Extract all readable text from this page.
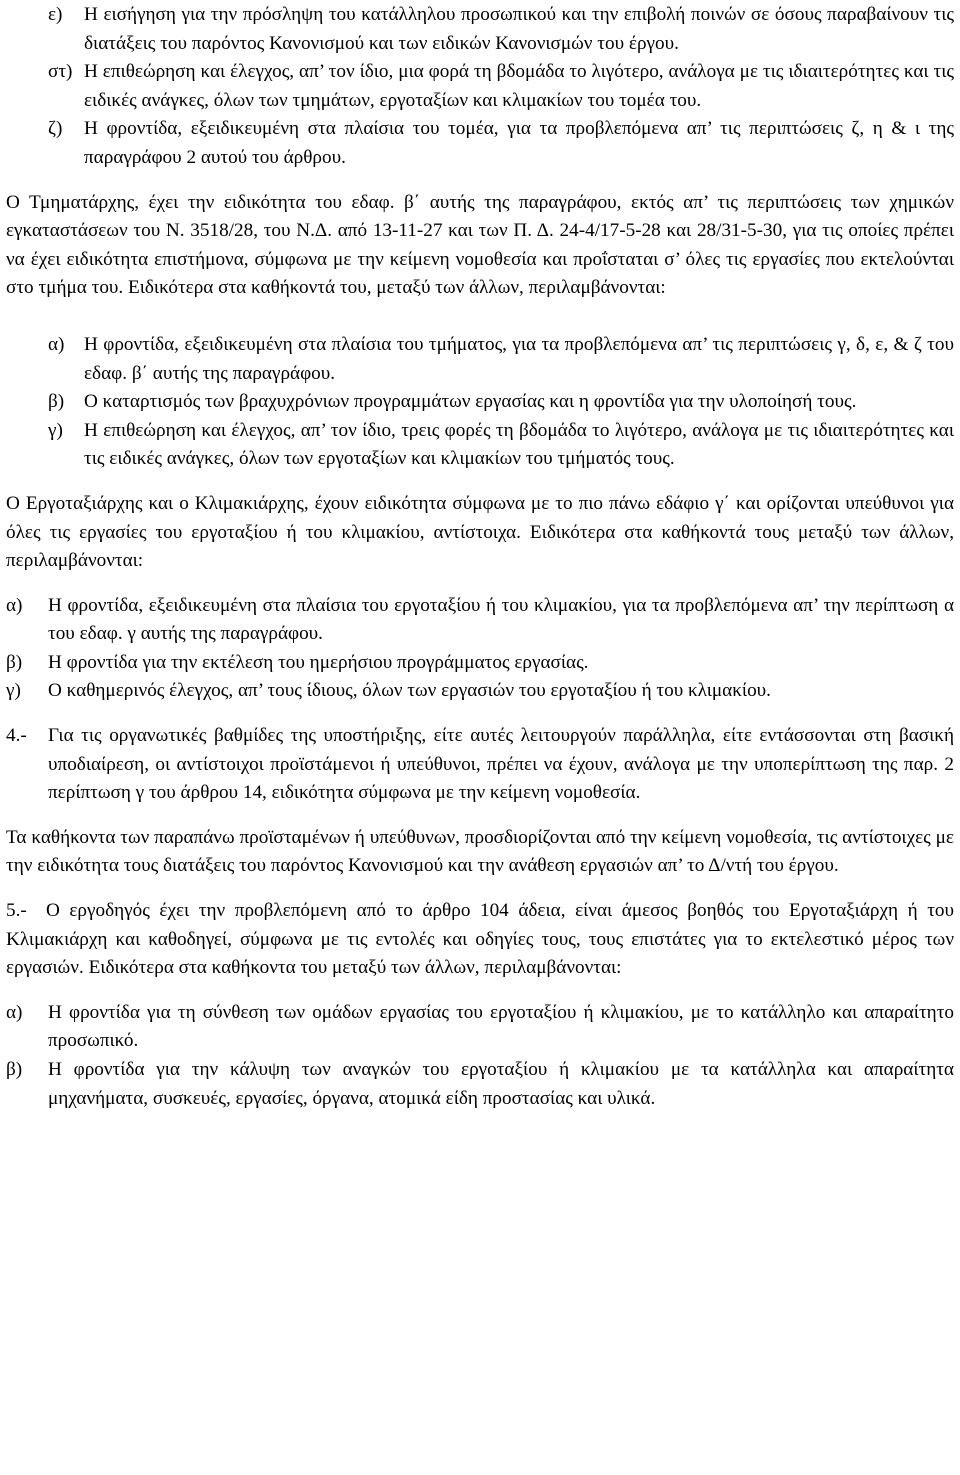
ε)	Η εισήγηση για την πρόσληψη του κατάλληλου προσωπικού και την επιβολή ποινών σε όσους παραβαίνουν τις διατάξεις του παρόντος Κανονισμού και των ειδικών Κανονισμών του έργου.
στ) Η επιθεώρηση και έλεγχος, απ’ τον ίδιο, μια φορά τη βδομάδα το λιγότερο, ανάλογα με τις ιδιαιτερότητες και τις ειδικές ανάγκες, όλων των τμημάτων, εργοταξίων και κλιμακίων του τομέα του.
ζ)	Η φροντίδα, εξειδικευμένη στα πλαίσια του τομέα, για τα προβλεπόμενα απ’ τις περιπτώσεις ζ, η & ι της παραγράφου 2 αυτού του άρθρου.

Ο Τμηματάρχης, έχει την ειδικότητα του εδαφ. β΄ αυτής της παραγράφου, εκτός απ’ τις περιπτώσεις των χημικών εγκαταστάσεων του Ν. 3518/28, του Ν.Δ. από 13-11-27 και των Π. Δ. 24-4/17-5-28 και 28/31-5-30, για τις οποίες πρέπει να έχει ειδικότητα επιστήμονα, σύμφωνα με την κείμενη νομοθεσία και προΐσταται σ’ όλες τις εργασίες που εκτελούνται στο τμήμα του. Ειδικότερα στα καθήκοντά του, μεταξύ των άλλων, περιλαμβάνονται:

α)	Η φροντίδα, εξειδικευμένη στα πλαίσια του τμήματος, για τα προβλεπόμενα απ’ τις περιπτώσεις γ, δ, ε, & ζ του εδαφ. β΄ αυτής της παραγράφου.
β)	Ο καταρτισμός των βραχυχρόνιων προγραμμάτων εργασίας και η φροντίδα για την υλοποίησή τους.
γ)	Η επιθεώρηση και έλεγχος, απ’ τον ίδιο, τρεις φορές τη βδομάδα το λιγότερο, ανάλογα με τις ιδιαιτερότητες και τις ειδικές ανάγκες, όλων των εργοταξίων και κλιμακίων του τμήματός τους.

Ο Εργοταξιάρχης και ο Κλιμακιάρχης, έχουν ειδικότητα σύμφωνα με το πιο πάνω εδάφιο γ΄ και ορίζονται υπεύθυνοι για όλες τις εργασίες του εργοταξίου ή του κλιμακίου, αντίστοιχα. Ειδικότερα στα καθήκοντά τους μεταξύ των άλλων, περιλαμβάνονται:

α)	Η φροντίδα, εξειδικευμένη στα πλαίσια του εργοταξίου ή του κλιμακίου, για τα προβλεπόμενα απ’ την περίπτωση α του εδαφ. γ αυτής της παραγράφου.
β)	Η φροντίδα για την εκτέλεση του ημερήσιου προγράμματος εργασίας.
γ)	Ο καθημερινός έλεγχος, απ’ τους ίδιους, όλων των εργασιών του εργοταξίου ή του κλιμακίου.
4.-	Για τις οργανωτικές βαθμίδες της υποστήριξης, είτε αυτές λειτουργούν παράλληλα, είτε εντάσσονται στη βασική υποδιαίρεση, οι αντίστοιχοι προϊστάμενοι ή υπεύθυνοι, πρέπει να έχουν, ανάλογα με την υποπερίπτωση της παρ. 2 περίπτωση γ του άρθρου 14, ειδικότητα σύμφωνα με την κείμενη νομοθεσία.

Τα καθήκοντα των παραπάνω προϊσταμένων ή υπεύθυνων, προσδιορίζονται από την κείμενη νομοθεσία, τις αντίστοιχες με την ειδικότητα τους διατάξεις του παρόντος Κανονισμού και την ανάθεση εργασιών απ’ το Δ/ντή του έργου.

5.- Ο εργοδηγός έχει την προβλεπόμενη από το άρθρο 104 άδεια, είναι άμεσος βοηθός του Εργοταξιάρχη ή του Κλιμακιάρχη και καθοδηγεί, σύμφωνα με τις εντολές και οδηγίες τους, τους επιστάτες για το εκτελεστικό μέρος των εργασιών. Ειδικότερα στα καθήκοντα του μεταξύ των άλλων, περιλαμβάνονται:

α)	Η φροντίδα για τη σύνθεση των ομάδων εργασίας του εργοταξίου ή κλιμακίου, με το κατάλληλο και απαραίτητο προσωπικό.
β)	Η φροντίδα για την κάλυψη των αναγκών του εργοταξίου ή κλιμακίου με τα κατάλληλα και απαραίτητα μηχανήματα, συσκευές, εργασίες, όργανα, ατομικά είδη προστασίας και υλικά.
